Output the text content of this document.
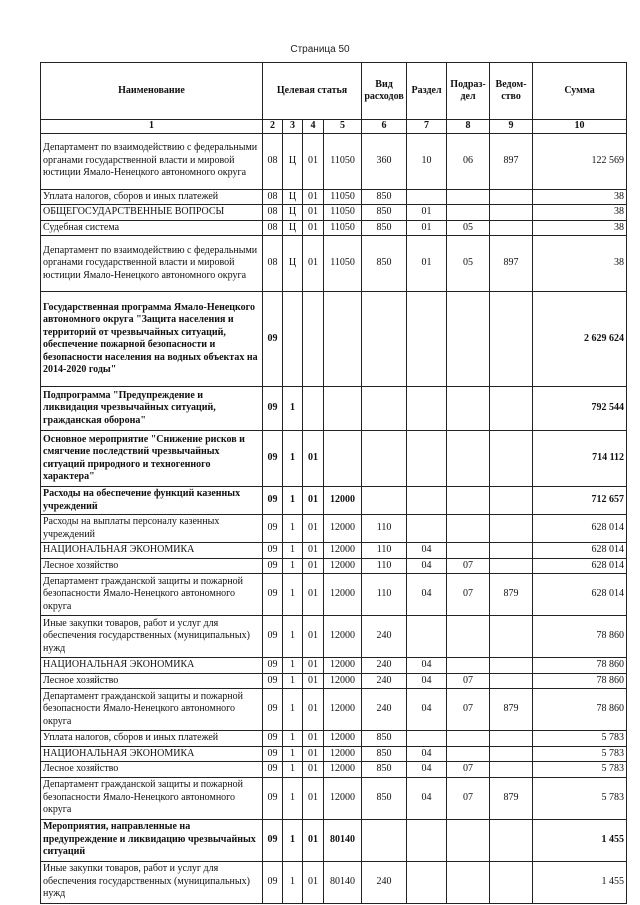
Страница 50
Наименование	Целевая статья				Вид расходов	Раздел	Подраз-дел	Ведом-ство	Сумма
1	2	3	4	5	6	7	8	9	10
Департамент по взаимодействию с федеральными органами государственной власти и мировой юстиции Ямало-Ненецкого автономного округа	08	Ц	01	11050	360	10	06	897	122 569
Уплата налогов, сборов и иных платежей	08	Ц	01	11050	850				38
ОБЩЕГОСУДАРСТВЕННЫЕ ВОПРОСЫ	08	Ц	01	11050	850	01			38
Судебная система	08	Ц	01	11050	850	01	05		38
Департамент по взаимодействию с федеральными органами государственной власти и мировой юстиции Ямало-Ненецкого автономного округа	08	Ц	01	11050	850	01	05	897	38
Государственная программа Ямало-Ненецкого автономного округа "Защита населения и территорий от чрезвычайных ситуаций, обеспечение пожарной безопасности и безопасности населения на водных объектах на 2014-2020 годы"	09								2 629 624
Подпрограмма "Предупреждение и ликвидация чрезвычайных ситуаций, гражданская оборона"	09	1							792 544
Основное мероприятие "Снижение рисков и смягчение последствий чрезвычайных ситуаций природного и техногенного характера"	09	1	01						714 112
Расходы на обеспечение функций казенных учреждений	09	1	01	12000					712 657
Расходы на выплаты персоналу казенных учреждений	09	1	01	12000	110				628 014
НАЦИОНАЛЬНАЯ ЭКОНОМИКА	09	1	01	12000	110	04			628 014
Лесное хозяйство	09	1	01	12000	110	04	07		628 014
Департамент гражданской защиты и пожарной безопасности Ямало-Ненецкого автономного округа	09	1	01	12000	110	04	07	879	628 014
Иные закупки товаров, работ и услуг для обеспечения государственных (муниципальных) нужд	09	1	01	12000	240				78 860
НАЦИОНАЛЬНАЯ ЭКОНОМИКА	09	1	01	12000	240	04			78 860
Лесное хозяйство	09	1	01	12000	240	04	07		78 860
Департамент гражданской защиты и пожарной безопасности Ямало-Ненецкого автономного округа	09	1	01	12000	240	04	07	879	78 860
Уплата налогов, сборов и иных платежей	09	1	01	12000	850				5 783
НАЦИОНАЛЬНАЯ ЭКОНОМИКА	09	1	01	12000	850	04			5 783
Лесное хозяйство	09	1	01	12000	850	04	07		5 783
Департамент гражданской защиты и пожарной безопасности Ямало-Ненецкого автономного округа	09	1	01	12000	850	04	07	879	5 783
Мероприятия, направленные на предупреждение и ликвидацию чрезвычайных ситуаций	09	1	01	80140					1 455
Иные закупки товаров, работ и услуг для обеспечения государственных (муниципальных) нужд	09	1	01	80140	240				1 455
